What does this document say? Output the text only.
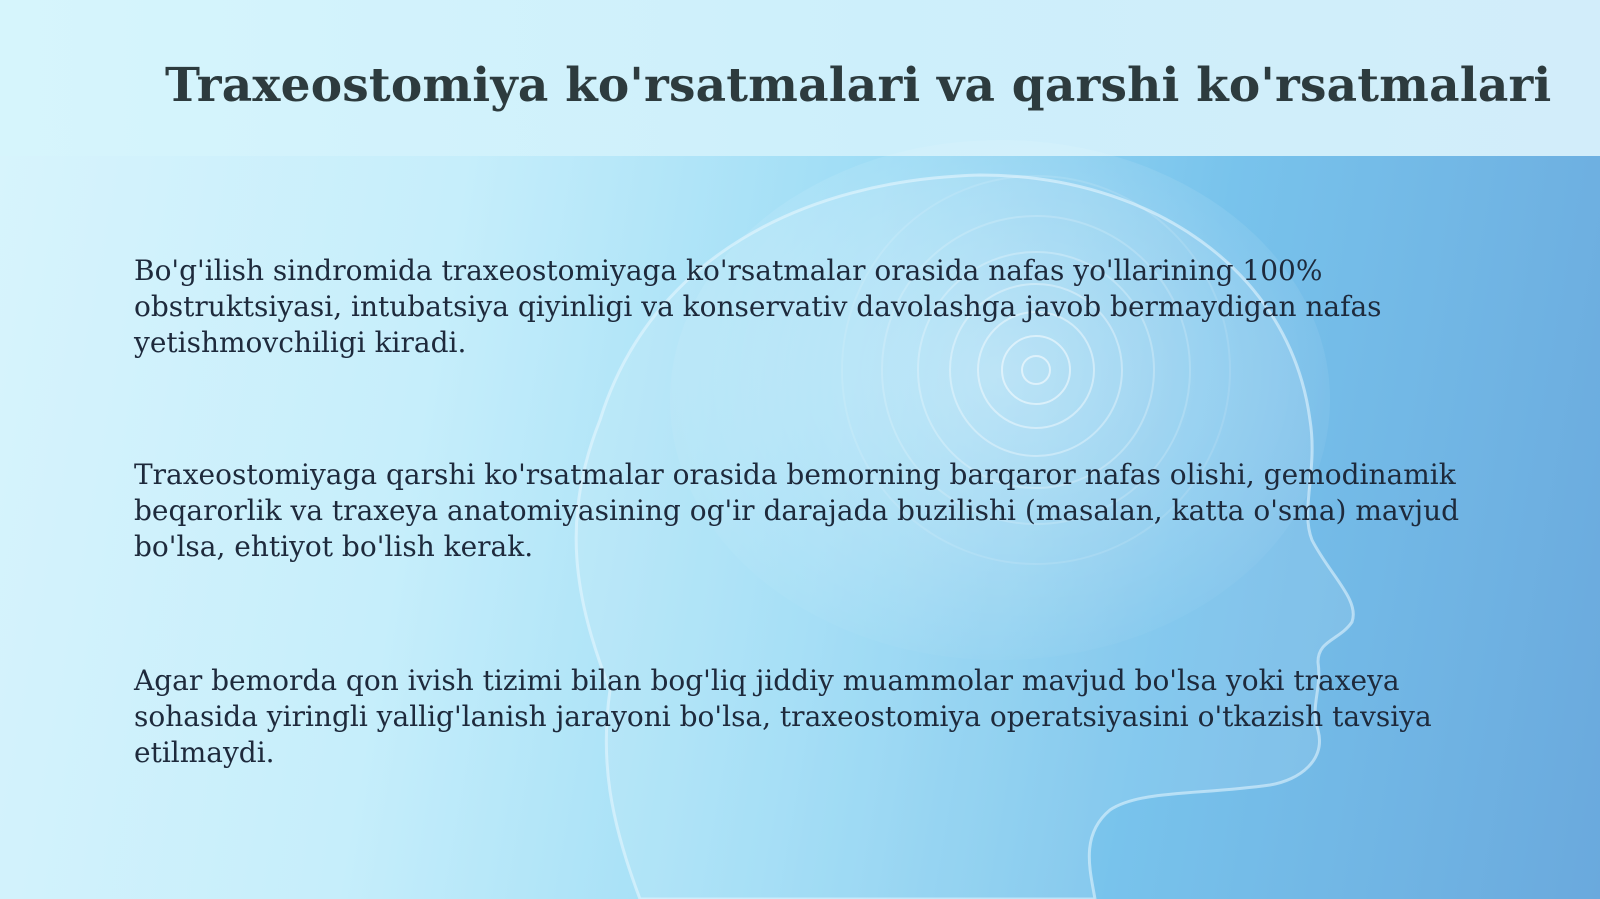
Traxeostomiya ko'rsatmalari va qarshi ko'rsatmalari

Bo'g'ilish sindromida traxeostomiyaga ko'rsatmalar orasida nafas yo'llarining 100% obstruktsiyasi, intubatsiya qiyinligi va konservativ davolashga javob bermaydigan nafas yetishmovchiligi kiradi.

Traxeostomiyaga qarshi ko'rsatmalar orasida bemorning barqaror nafas olishi, gemodinamik beqarorlik va traxeya anatomiyasining og'ir darajada buzilishi (masalan, katta o'sma) mavjud bo'lsa, ehtiyot bo'lish kerak.

Agar bemorda qon ivish tizimi bilan bog'liq jiddiy muammolar mavjud bo'lsa yoki traxeya sohasida yiringli yallig'lanish jarayoni bo'lsa, traxeostomiya operatsiyasini o'tkazish tavsiya etilmaydi.
